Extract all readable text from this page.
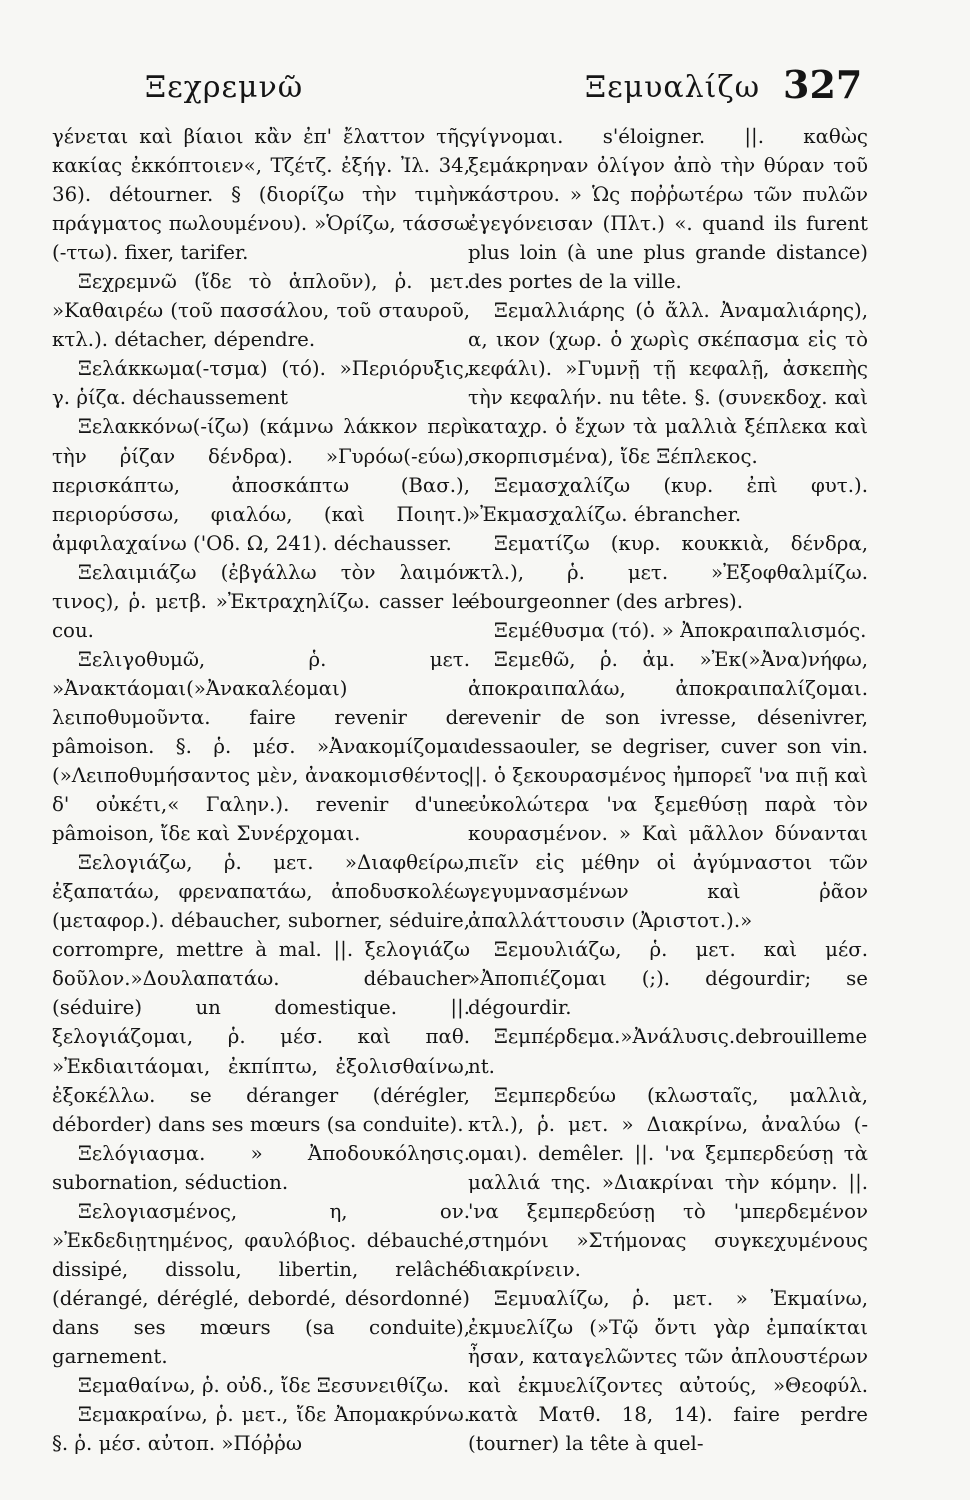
Ξεχρεμνῶ	Ξεμυαλίζω 327

γένεται καὶ βίαιοι κἂν ἐπ' ἔλαττον τῆς κακίας ἐκκόπτοιεν«, Τζέτζ. ἐξήγ. Ἰλ. 34, 36). détourner. § (διορίζω τὴν τιμὴν πράγματος πωλουμένου). »Ὁρίζω, τάσσω (-ττω). fixer, tarifer.

Ξεχρεμνῶ (ἴδε τὸ ἁπλοῦν), ῥ. μετ. »Καθαιρέω (τοῦ πασσάλου, τοῦ σταυροῦ, κτλ.). détacher, dépendre.

Ξελάκκωμα(-τσμα) (τό). »Περιόρυξις, γ. ῥίζα. déchaussement

Ξελακκόνω(-ίζω) (κάμνω λάκκον περὶ τὴν ῥίζαν δένδρα). »Γυρόω(-εύω), περισκάπτω, ἀποσκάπτω (Βασ.), περιορύσσω, φιαλόω, (καὶ Ποιητ.) ἀμφιλαχαίνω ('Οδ. Ω, 241). déchausser.

Ξελαιμιάζω (ἐβγάλλω τὸν λαιμόν τινος), ῥ. μετβ. »Ἐκτραχηλίζω. casser le cou.

Ξελιγοθυμῶ, ῥ. μετ. »Ἀνακτάομαι(»Ἀνακαλέομαι) λειποθυμοῦντα. faire revenir de pâmoison. §. ῥ. μέσ. »Ἀνακομίζομαι (»Λειποθυμήσαντος μὲν, ἀνακομισθέντος δ' οὐκέτι,« Γαλην.). revenir d'une pâmoison, ἴδε καὶ Συνέρχομαι.

Ξελογιάζω, ῥ. μετ. »Διαφθείρω, ἐξαπατάω, φρεναπατάω, ἀποδυσκολέω (μεταφορ.). débaucher, suborner, séduire, corrompre, mettre à mal. ||. ξελογιάζω δοῦλον.»Δουλαπατάω. débaucher (séduire) un domestique. ||. ξελογιάζομαι, ῥ. μέσ. καὶ παθ. »Ἐκδιαιτάομαι, ἐκπίπτω, ἐξολισθαίνω, ἐξοκέλλω. se déranger (dérégler, déborder) dans ses mœurs (sa conduite).

Ξελόγιασμα. » Ἀποδουκόλησις. subornation, séduction.

Ξελογιασμένος, η, ον. »Ἐκδεδιῃτημένος, φαυλόβιος. débauché, dissipé, dissolu, libertin, relâché (dérangé, déréglé, debordé, désordonné) dans ses mœurs (sa conduite), garnement.

Ξεμαθαίνω, ῥ. οὐδ., ἴδε Ξεσυνειθίζω.

Ξεμακραίνω, ῥ. μετ., ἴδε Ἀπομακρύνω. §. ῥ. μέσ. αὐτοπ. »Πόῤῥω

γίγνομαι. s'éloigner. ||. καθὼς ξεμάκρηναν ὀλίγον ἀπὸ τὴν θύραν τοῦ κάστρου. » Ὡς ποῤῥωτέρω τῶν πυλῶν ἐγεγόνεισαν (Πλτ.) «. quand ils furent plus loin (à une plus grande distance) des portes de la ville.

Ξεμαλλιάρης (ὁ ἄλλ. Ἀναμαλιάρης), α, ικον (χωρ. ὁ χωρὶς σκέπασμα εἰς τὸ κεφάλι). »Γυμνῇ τῇ κεφαλῇ, ἀσκεπὴς τὴν κεφαλήν. nu tête. §. (συνεκδοχ. καὶ καταχρ. ὁ ἔχων τὰ μαλλιὰ ξέπλεκα καὶ σκορπισμένα), ἴδε Ξέπλεκος.

Ξεμασχαλίζω (κυρ. ἐπὶ φυτ.). »Ἐκμασχαλίζω. ébrancher.

Ξεματίζω (κυρ. κουκκιὰ, δένδρα, κτλ.), ῥ. μετ. »Ἐξοφθαλμίζω. ébourgeonner (des arbres).

Ξεμέθυσμα (τό). » Ἀποκραιπαλισμός.

Ξεμεθῶ, ῥ. ἀμ. »Ἐκ(»Ἀνα)νήφω, ἀποκραιπαλάω, ἀποκραιπαλίζομαι. revenir de son ivresse, désenivrer, dessaouler, se degriser, cuver son vin. ||. ὁ ξεκουρασμένος ἠμπορεῖ 'να πιῇ καὶ εὐκολώτερα 'να ξεμεθύσῃ παρὰ τὸν κουρασμένον. » Καὶ μᾶλλον δύνανται πιεῖν εἰς μέθην οἱ ἀγύμναστοι τῶν γεγυμνασμένων καὶ ῥᾶον ἀπαλλάττουσιν (Ἀριστοτ.).»

Ξεμουλιάζω, ῥ. μετ. καὶ μέσ. »Ἀποπιέζομαι (;). dégourdir; se dégourdir.

Ξεμπέρδεμα.»Ἀνάλυσις.debrouillement.

Ξεμπερδεύω (κλωσταῖς, μαλλιὰ, κτλ.), ῥ. μετ. » Διακρίνω, ἀναλύω (-ομαι). demêler. ||. 'να ξεμπερδεύσῃ τὰ μαλλιά της. »Διακρίναι τὴν κόμην. ||. 'να ξεμπερδεύσῃ τὸ 'μπερδεμένον στημόνι »Στήμονας συγκεχυμένους διακρίνειν.

Ξεμυαλίζω, ῥ. μετ. » Ἐκμαίνω, ἐκμυελίζω (»Τῷ ὄντι γὰρ ἐμπαίκται ἦσαν, καταγελῶντες τῶν ἀπλουστέρων καὶ ἐκμυελίζοντες αὐτούς, »Θεοφύλ. κατὰ Ματθ. 18, 14). faire perdre (tourner) la tête à quel-
